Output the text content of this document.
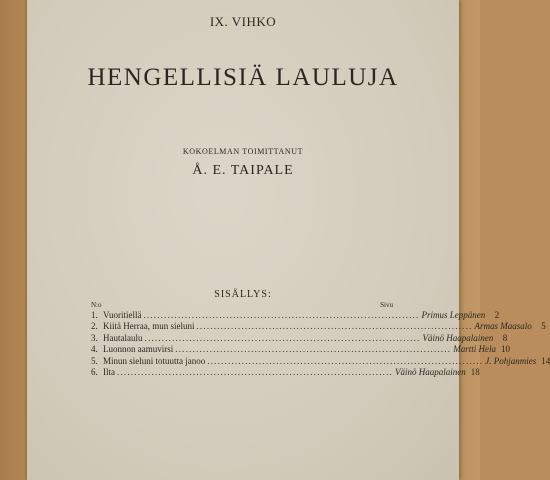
IX. VIHKO
HENGELLISIÄ LAULUJA
KOKOELMAN TOIMITTANUT
Å. E. TAIPALE
SISÄLLYS:
N:o	Sivu
1. Vuoritiellä ................................................................................ Primus Leppänen	2
2. Kiitä Herraa, mun sieluni ................................................................................ Armas Maasalo	5
3. Hautalaulu ................................................................................ Väinö Haapalainen	8
4. Luonnon aamuvirsi ................................................................................ Martti Hela 10
5. Minun sieluni totuutta janoo ................................................................................ J. Pohjanmies 14
6. Ilta ................................................................................ Väinö Haapalainen 18
